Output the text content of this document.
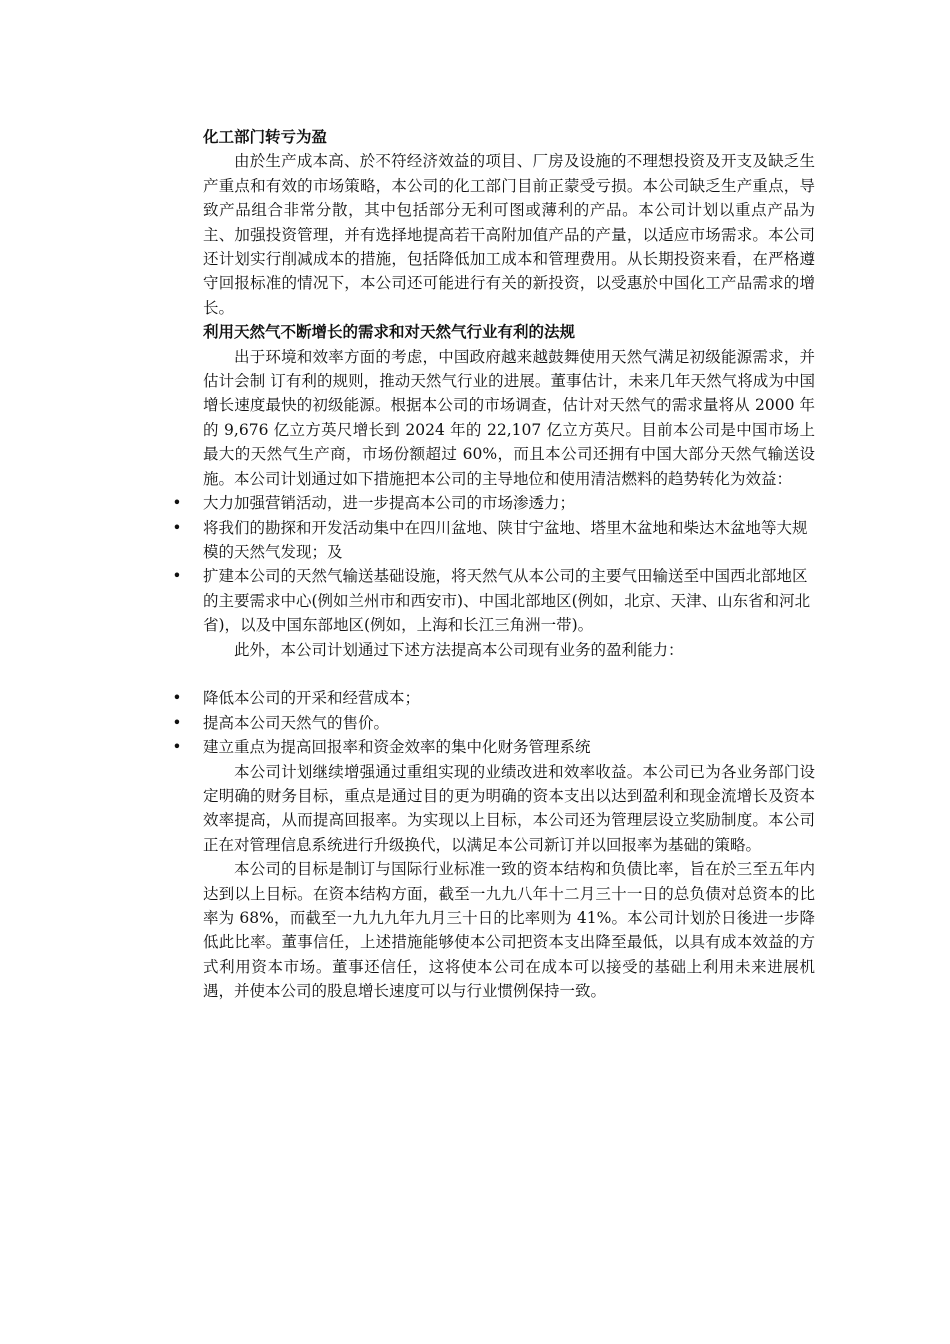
化工部门转亏为盈

由於生产成本高、於不符经济效益的项目、厂房及设施的不理想投资及开支及缺乏生产重点和有效的市场策略，本公司的化工部门目前正蒙受亏损。本公司缺乏生产重点，导致产品组合非常分散，其中包括部分无利可图或薄利的产品。本公司计划以重点产品为主、加强投资管理，并有选择地提高若干高附加值产品的产量，以适应市场需求。本公司还计划实行削减成本的措施，包括降低加工成本和管理费用。从长期投资来看，在严格遵守回报标准的情况下，本公司还可能进行有关的新投资，以受惠於中国化工产品需求的增长。

利用天然气不断增长的需求和对天然气行业有利的法规

出于环境和效率方面的考虑，中国政府越来越鼓舞使用天然气满足初级能源需求，并估计会制 订有利的规则，推动天然气行业的进展。董事估计，未来几年天然气将成为中国增长速度最快的初级能源。根据本公司的市场调查，估计对天然气的需求量将从 2000 年的 9,676 亿立方英尺增长到 2024 年的 22,107 亿立方英尺。目前本公司是中国市场上最大的天然气生产商，市场份额超过 60%，而且本公司还拥有中国大部分天然气输送设施。本公司计划通过如下措施把本公司的主导地位和使用清洁燃料的趋势转化为效益：

• 大力加强营销活动，进一步提高本公司的市场渗透力；
• 将我们的勘探和开发活动集中在四川盆地、陕甘宁盆地、塔里木盆地和柴达木盆地等大规模的天然气发现；及
• 扩建本公司的天然气输送基础设施，将天然气从本公司的主要气田输送至中国西北部地区的主要需求中心(例如兰州市和西安市)、中国北部地区(例如，北京、天津、山东省和河北省)，以及中国东部地区(例如，上海和长江三角洲一带)。

此外，本公司计划通过下述方法提高本公司现有业务的盈利能力：

• 降低本公司的开采和经营成本；
• 提高本公司天然气的售价。
• 建立重点为提高回报率和资金效率的集中化财务管理系统

本公司计划继续增强通过重组实现的业绩改进和效率收益。本公司已为各业务部门设定明确的财务目标，重点是通过目的更为明确的资本支出以达到盈利和现金流增长及资本效率提高，从而提高回报率。为实现以上目标，本公司还为管理层设立奖励制度。本公司正在对管理信息系统进行升级换代，以满足本公司新订并以回报率为基础的策略。

本公司的目标是制订与国际行业标准一致的资本结构和负债比率，旨在於三至五年内达到以上目标。在资本结构方面，截至一九九八年十二月三十一日的总负债对总资本的比率为 68%，而截至一九九九年九月三十日的比率则为 41%。本公司计划於日後进一步降低此比率。董事信任，上述措施能够使本公司把资本支出降至最低，以具有成本效益的方式利用资本市场。董事还信任，这将使本公司在成本可以接受的基础上利用未来进展机遇，并使本公司的股息增长速度可以与行业惯例保持一致。
